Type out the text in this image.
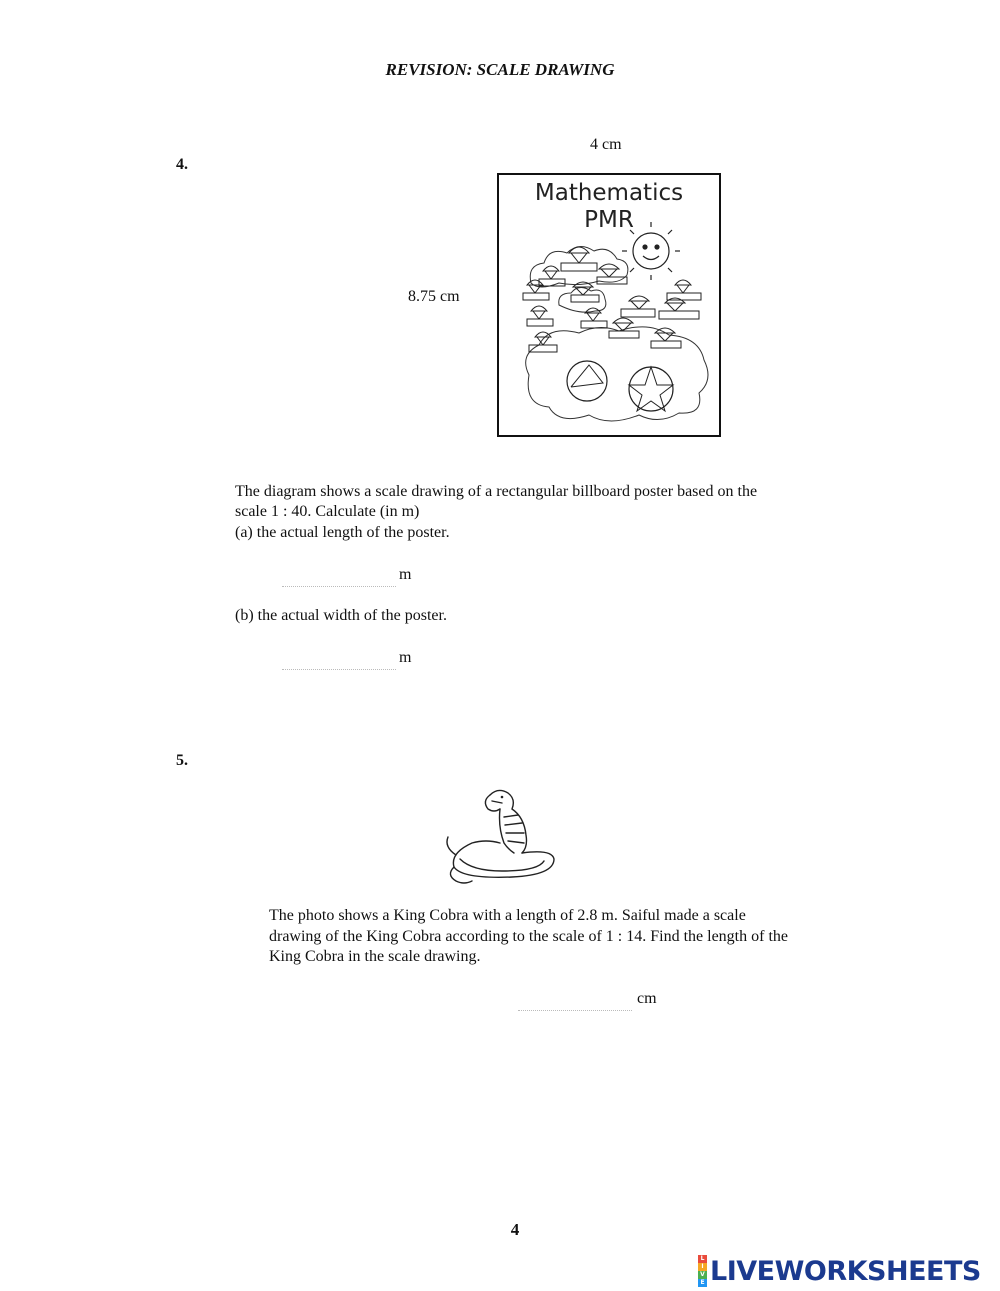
REVISION: SCALE DRAWING
4.
4 cm
8.75 cm
Mathematics
PMR
The diagram shows a scale drawing of a rectangular billboard poster based on the
scale 1 : 40. Calculate (in m)
(a) the actual length of the poster.
m
(b) the actual width of the poster.
m
5.
The photo shows a King Cobra with a length of 2.8 m. Saiful made a scale
drawing of the King Cobra according to the scale of 1 : 14. Find the length of the
King Cobra in the scale drawing.
cm
4
L
I
V
E LIVEWORKSHEETS
